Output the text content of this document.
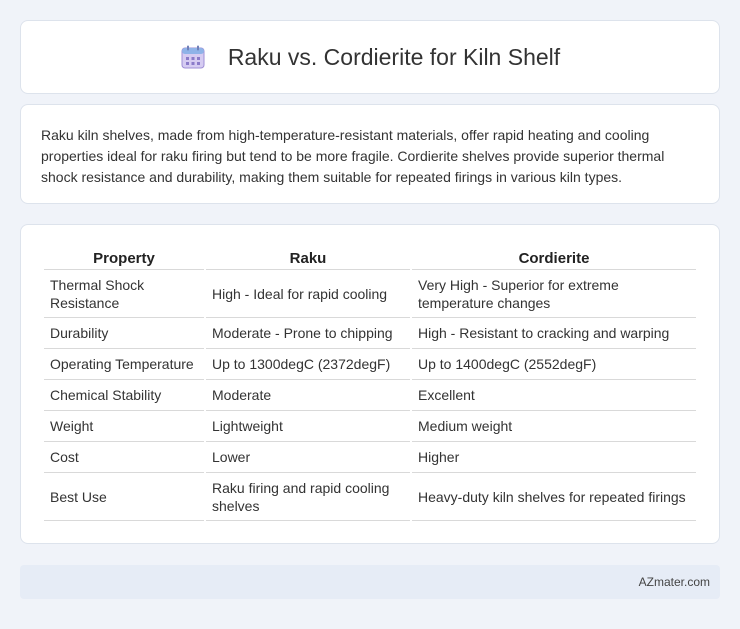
Raku vs. Cordierite for Kiln Shelf

Raku kiln shelves, made from high-temperature-resistant materials, offer rapid heating and cooling properties ideal for raku firing but tend to be more fragile. Cordierite shelves provide superior thermal shock resistance and durability, making them suitable for repeated firings in various kiln types.

Property	Raku	Cordierite
Thermal Shock Resistance	High - Ideal for rapid cooling	Very High - Superior for extreme temperature changes
Durability	Moderate - Prone to chipping	High - Resistant to cracking and warping
Operating Temperature	Up to 1300degC (2372degF)	Up to 1400degC (2552degF)
Chemical Stability	Moderate	Excellent
Weight	Lightweight	Medium weight
Cost	Lower	Higher
Best Use	Raku firing and rapid cooling shelves	Heavy-duty kiln shelves for repeated firings
AZmater.com
